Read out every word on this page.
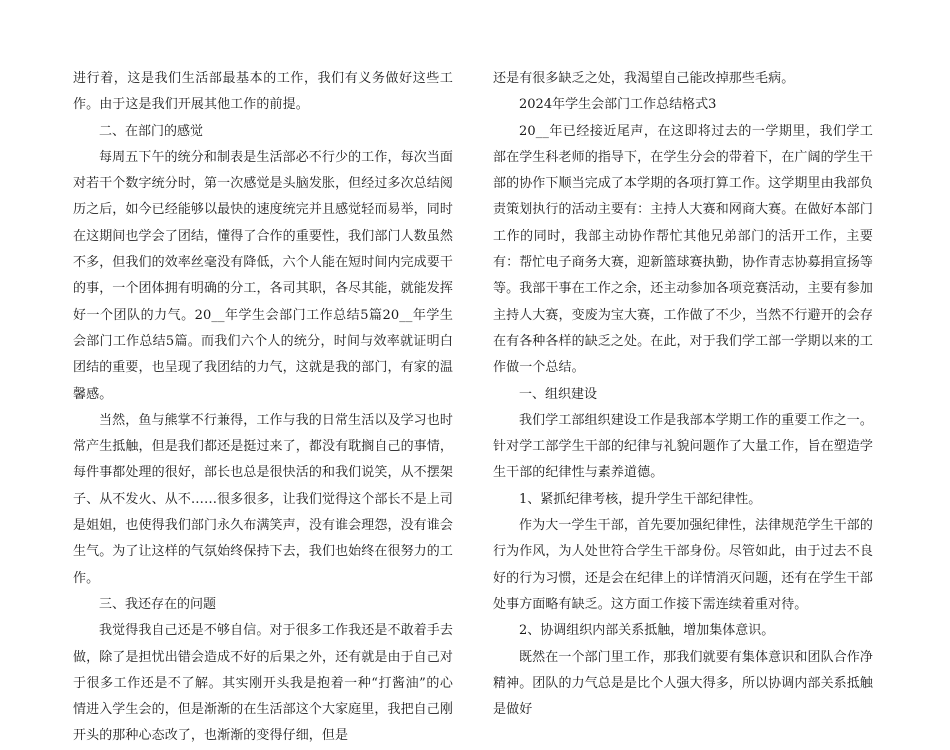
进行着，这是我们生活部最基本的工作，我们有义务做好这些工作。由于这是我们开展其他工作的前提。

二、在部门的感觉

每周五下午的统分和制表是生活部必不行少的工作，每次当面对若干个数字统分时，第一次感觉是头脑发胀，但经过多次总结阅历之后，如今已经能够以最快的速度统完并且感觉轻而易举，同时在这期间也学会了团结，懂得了合作的重要性，我们部门人数虽然不多，但我们的效率丝毫没有降低，六个人能在短时间内完成要干的事，一个团体拥有明确的分工，各司其职，各尽其能，就能发挥好一个团队的力气。20__年学生会部门工作总结5篇20__年学生会部门工作总结5篇。而我们六个人的统分，时间与效率就证明白团结的重要，也呈现了我团结的力气，这就是我的部门，有家的温馨感。

当然，鱼与熊掌不行兼得，工作与我的日常生活以及学习也时常产生抵触，但是我们都还是挺过来了，都没有耽搁自己的事情，每件事都处理的很好，部长也总是很快活的和我们说笑，从不摆架子、从不发火、从不……很多很多，让我们觉得这个部长不是上司是姐姐，也使得我们部门永久布满笑声，没有谁会理怨，没有谁会生气。为了让这样的气氛始终保持下去，我们也始终在很努力的工作。

三、我还存在的问题

我觉得我自己还是不够自信。对于很多工作我还是不敢着手去做，除了是担忧出错会造成不好的后果之外，还有就是由于自己对于很多工作还是不了解。其实刚开头我是抱着一种“打酱油”的心情进入学生会的，但是渐渐的在生活部这个大家庭里，我把自己刚开头的那种心态改了，也渐渐的变得仔细，但是

还是有很多缺乏之处，我渴望自己能改掉那些毛病。

2024年学生会部门工作总结格式3

20__年已经接近尾声，在这即将过去的一学期里，我们学工部在学生科老师的指导下，在学生分会的带着下，在广阔的学生干部的协作下顺当完成了本学期的各项打算工作。这学期里由我部负责策划执行的活动主要有：主持人大赛和网商大赛。在做好本部门工作的同时，我部主动协作帮忙其他兄弟部门的活开工作，主要有：帮忙电子商务大赛，迎新篮球赛执勤，协作青志协募捐宣扬等等。我部干事在工作之余，还主动参加各项竞赛活动，主要有参加主持人大赛，变废为宝大赛，工作做了不少，当然不行避开的会存在有各种各样的缺乏之处。在此，对于我们学工部一学期以来的工作做一个总结。

一、组织建设

我们学工部组织建设工作是我部本学期工作的重要工作之一。针对学工部学生干部的纪律与礼貌问题作了大量工作，旨在塑造学生干部的纪律性与素养道德。

1、紧抓纪律考核，提升学生干部纪律性。

作为大一学生干部，首先要加强纪律性，法律规范学生干部的行为作风，为人处世符合学生干部身份。尽管如此，由于过去不良好的行为习惯，还是会在纪律上的详情消灭问题，还有在学生干部处事方面略有缺乏。这方面工作接下需连续着重对待。

2、协调组织内部关系抵触，增加集体意识。

既然在一个部门里工作，那我们就要有集体意识和团队合作净精神。团队的力气总是是比个人强大得多，所以协调内部关系抵触是做好
